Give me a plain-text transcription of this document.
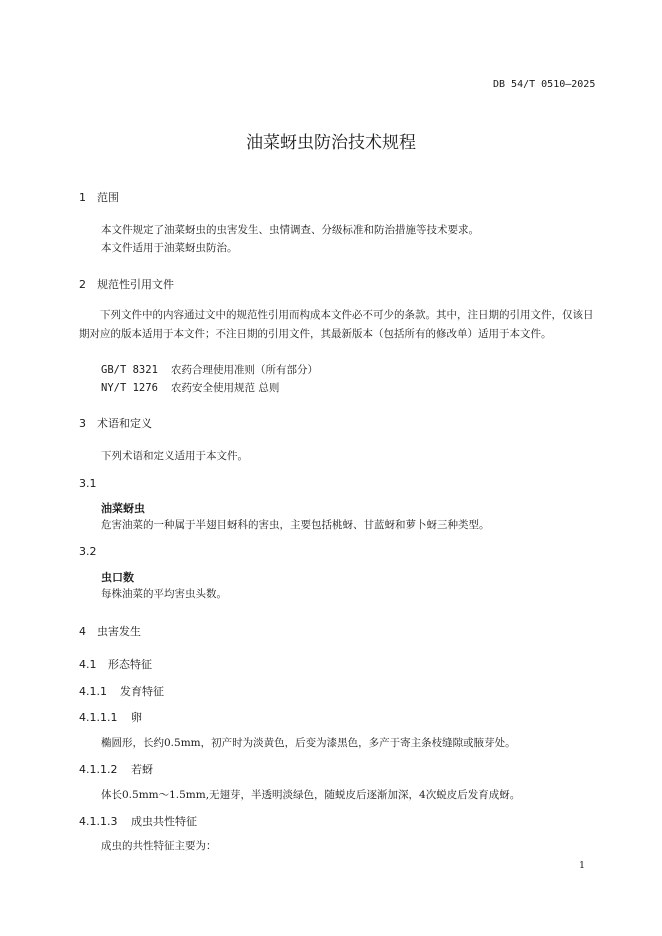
DB 54/T 0510—2025
油菜蚜虫防治技术规程
1 范围
本文件规定了油菜蚜虫的虫害发生、虫情调查、分级标准和防治措施等技术要求。
本文件适用于油菜蚜虫防治。
2 规范性引用文件
下列文件中的内容通过文中的规范性引用而构成本文件必不可少的条款。其中，注日期的引用文件，仅该日期对应的版本适用于本文件；不注日期的引用文件，其最新版本（包括所有的修改单）适用于本文件。
GB/T 8321 农药合理使用准则（所有部分）
NY/T 1276 农药安全使用规范 总则
3 术语和定义
下列术语和定义适用于本文件。
3.1
油菜蚜虫
危害油菜的一种属于半翅目蚜科的害虫，主要包括桃蚜、甘蓝蚜和萝卜蚜三种类型。
3.2
虫口数
每株油菜的平均害虫头数。
4 虫害发生
4.1 形态特征
4.1.1 发育特征
4.1.1.1 卵
椭圆形，长约0.5mm，初产时为淡黄色，后变为漆黑色，多产于寄主条枝缝隙或腋芽处。
4.1.1.2 若蚜
体长0.5mm～1.5mm,无翅芽，半透明淡绿色，随蜕皮后逐渐加深，4次蜕皮后发育成蚜。
4.1.1.3 成虫共性特征
成虫的共性特征主要为：
1
